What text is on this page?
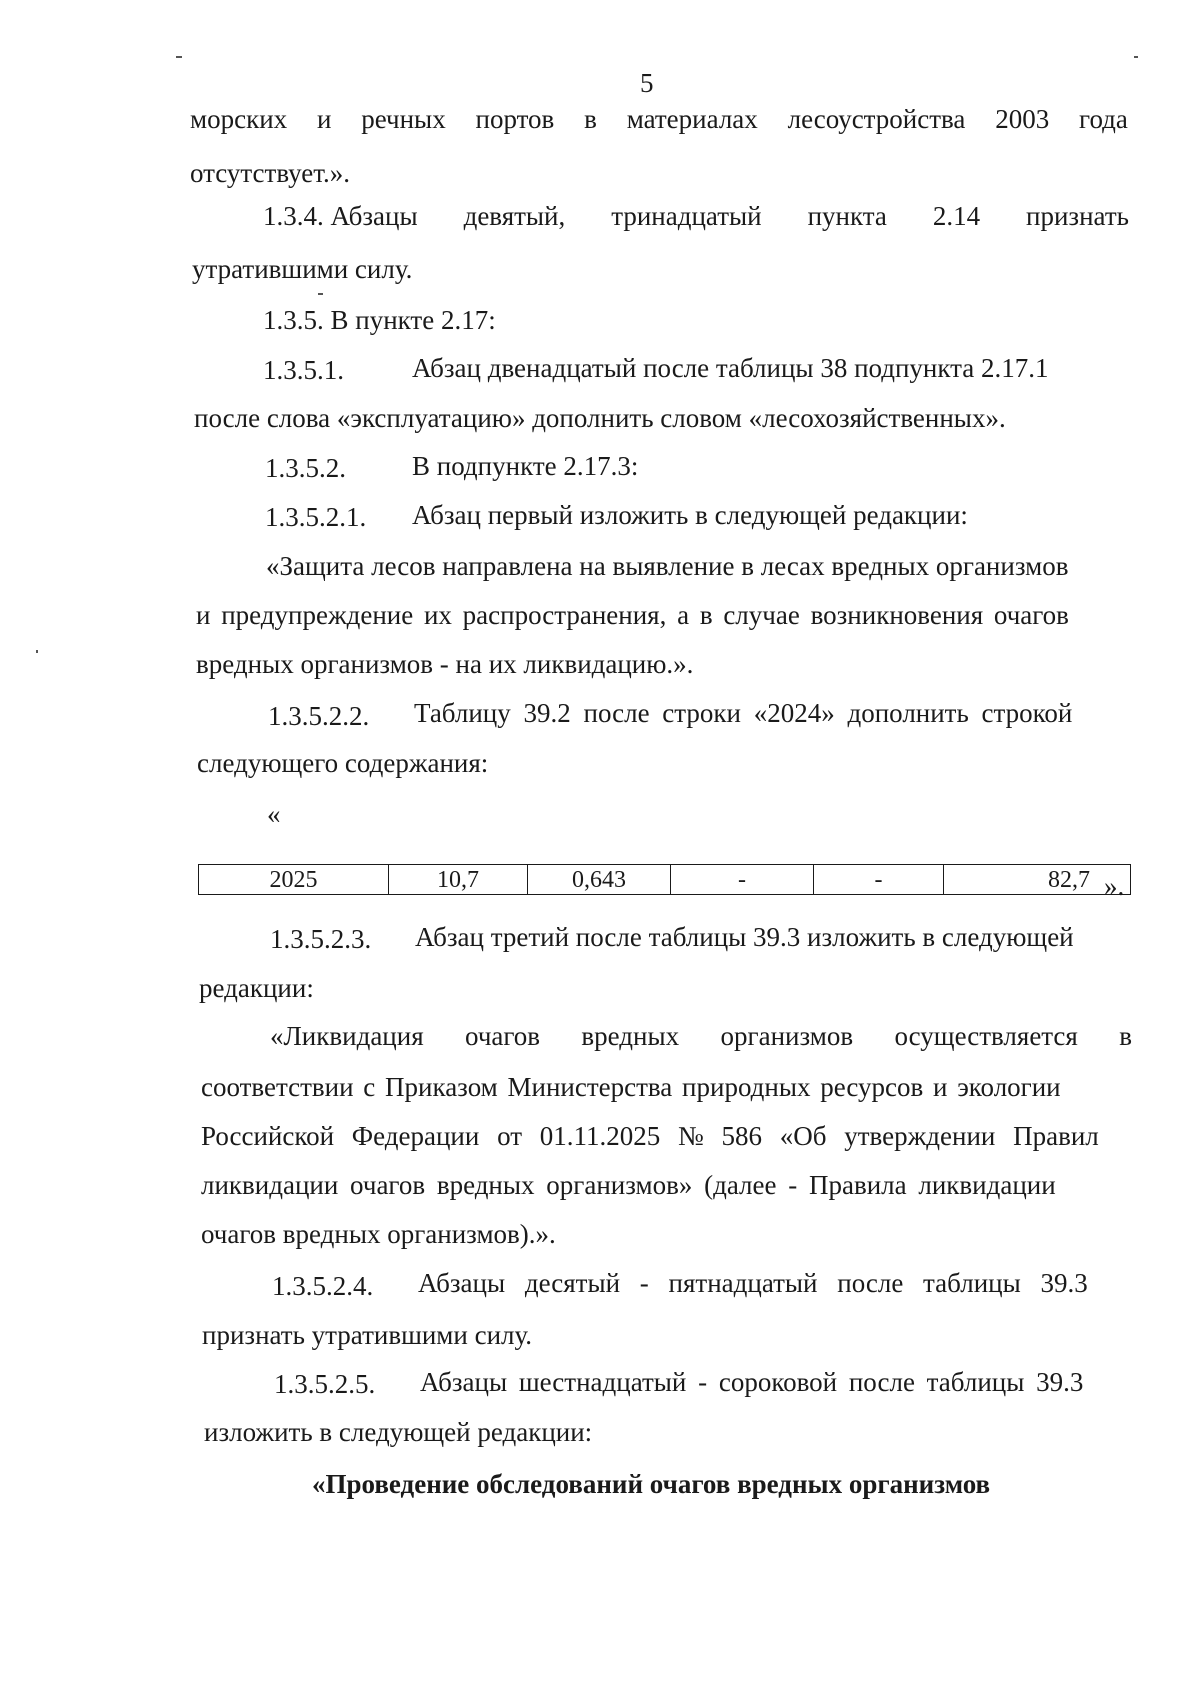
5
морских и речных портов в материалах лесоустройства 2003 года
отсутствует.».
1.3.4. Абзацы девятый, тринадцатый пункта 2.14 признать
утратившими силу.
1.3.5. В пункте 2.17:
1.3.5.1.	Абзац двенадцатый после таблицы 38 подпункта 2.17.1
после слова «эксплуатацию» дополнить словом «лесохозяйственных».
1.3.5.2. В подпункте 2.17.3:
1.3.5.2.1. Абзац первый изложить в следующей редакции:
«Защита лесов направлена на выявление в лесах вредных организмов
и предупреждение их распространения, а в случае возникновения очагов
вредных организмов - на их ликвидацию.».
1.3.5.2.2. Таблицу 39.2 после строки «2024» дополнить строкой
следующего содержания:
«
2025	10,7	0,643	-	-	82,7 ».
1.3.5.2.3. Абзац третий после таблицы 39.3 изложить в следующей
редакции:
«Ликвидация очагов вредных организмов осуществляется в
соответствии с Приказом Министерства природных ресурсов и экологии
Российской Федерации от 01.11.2025 № 586 «Об утверждении Правил
ликвидации очагов вредных организмов» (далее - Правила ликвидации
очагов вредных организмов).».
1.3.5.2.4. Абзацы десятый - пятнадцатый после таблицы 39.3
признать утратившими силу.
1.3.5.2.5. Абзацы шестнадцатый - сороковой после таблицы 39.3
изложить в следующей редакции:
«Проведение обследований очагов вредных организмов
